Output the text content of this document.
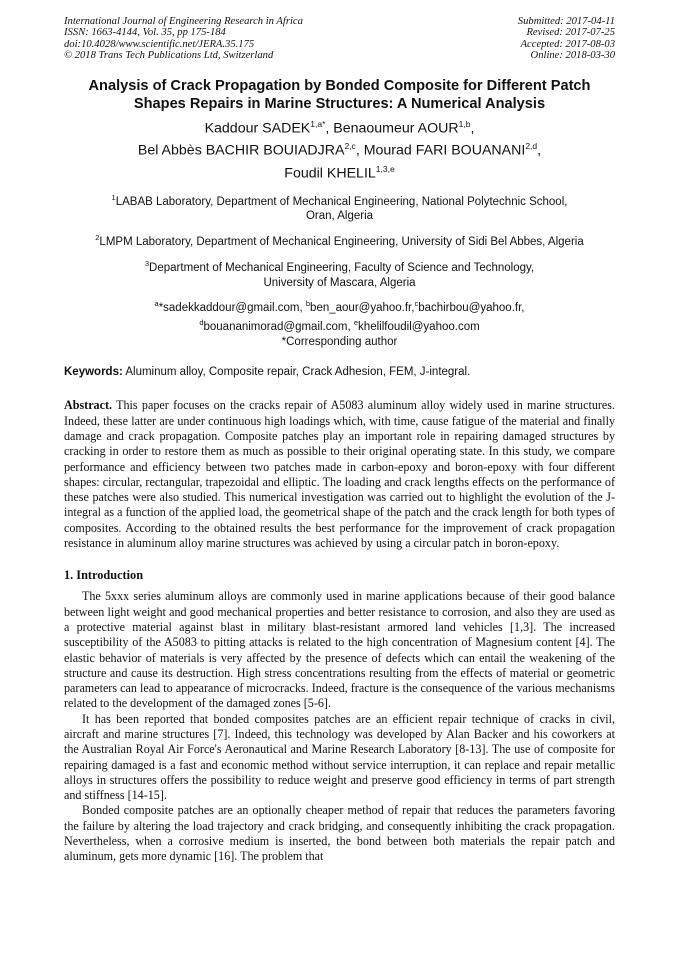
International Journal of Engineering Research in Africa
ISSN: 1663-4144, Vol. 35, pp 175-184
doi:10.4028/www.scientific.net/JERA.35.175
© 2018 Trans Tech Publications Ltd, Switzerland
Submitted: 2017-04-11
Revised: 2017-07-25
Accepted: 2017-08-03
Online: 2018-03-30
Analysis of Crack Propagation by Bonded Composite for Different Patch
Shapes Repairs in Marine Structures: A Numerical Analysis
Kaddour $SADEK^{1,a*}$, Benaoumeur AOUR$^{1,b}$,
Bel Abbès BACHIR BOUIADJRA$^{2,c}$, Mourad FARI BOUANANI$^{2,d}$,
Foudil KHELIL$^{1,3,e}$
$^1$LABAB Laboratory, Department of Mechanical Engineering, National Polytechnic School,
Oran, Algeria
$^2$LMPM Laboratory, Department of Mechanical Engineering, University of Sidi Bel Abbes, Algeria
$^3$Department of Mechanical Engineering, Faculty of Science and Technology,
University of Mascara, Algeria
$^a$*sadekkaddour@gmail.com, $^b$ben_aour@yahoo.fr,$^c$bachirbou@yahoo.fr,
$^d$bouananimorad@gmail.com, $^e$khelilfoudil@yahoo.com
*Corresponding author
Keywords: Aluminum alloy, Composite repair, Crack Adhesion, FEM, J-integral.
Abstract. This paper focuses on the cracks repair of A5083 aluminum alloy widely used in marine structures. Indeed, these latter are under continuous high loadings which, with time, cause fatigue of the material and finally damage and crack propagation. Composite patches play an important role in repairing damaged structures by cracking in order to restore them as much as possible to their original operating state. In this study, we compare performance and efficiency between two patches made in carbon-epoxy and boron-epoxy with four different shapes: circular, rectangular, trapezoidal and elliptic. The loading and crack lengths effects on the performance of these patches were also studied. This numerical investigation was carried out to highlight the evolution of the J-integral as a function of the applied load, the geometrical shape of the patch and the crack length for both types of composites. According to the obtained results the best performance for the improvement of crack propagation resistance in aluminum alloy marine structures was achieved by using a circular patch in boron-epoxy.
1. Introduction

The 5xxx series aluminum alloys are commonly used in marine applications because of their good balance between light weight and good mechanical properties and better resistance to corrosion, and also they are used as a protective material against blast in military blast-resistant armored land vehicles [1,3]. The increased susceptibility of the A5083 to pitting attacks is related to the high concentration of Magnesium content [4]. The elastic behavior of materials is very affected by the presence of defects which can entail the weakening of the structure and cause its destruction. High stress concentrations resulting from the effects of material or geometric parameters can lead to appearance of microcracks. Indeed, fracture is the consequence of the various mechanisms related to the development of the damaged zones [5-6].

It has been reported that bonded composites patches are an efficient repair technique of cracks in civil, aircraft and marine structures [7]. Indeed, this technology was developed by Alan Backer and his coworkers at the Australian Royal Air Force's Aeronautical and Marine Research Laboratory [8-13]. The use of composite for repairing damaged is a fast and economic method without service interruption, it can replace and repair metallic alloys in structures offers the possibility to reduce weight and preserve good efficiency in terms of part strength and stiffness [14-15].

Bonded composite patches are an optionally cheaper method of repair that reduces the parameters favoring the failure by altering the load trajectory and crack bridging, and consequently inhibiting the crack propagation. Nevertheless, when a corrosive medium is inserted, the bond between both materials the repair patch and aluminum, gets more dynamic [16]. The problem that
